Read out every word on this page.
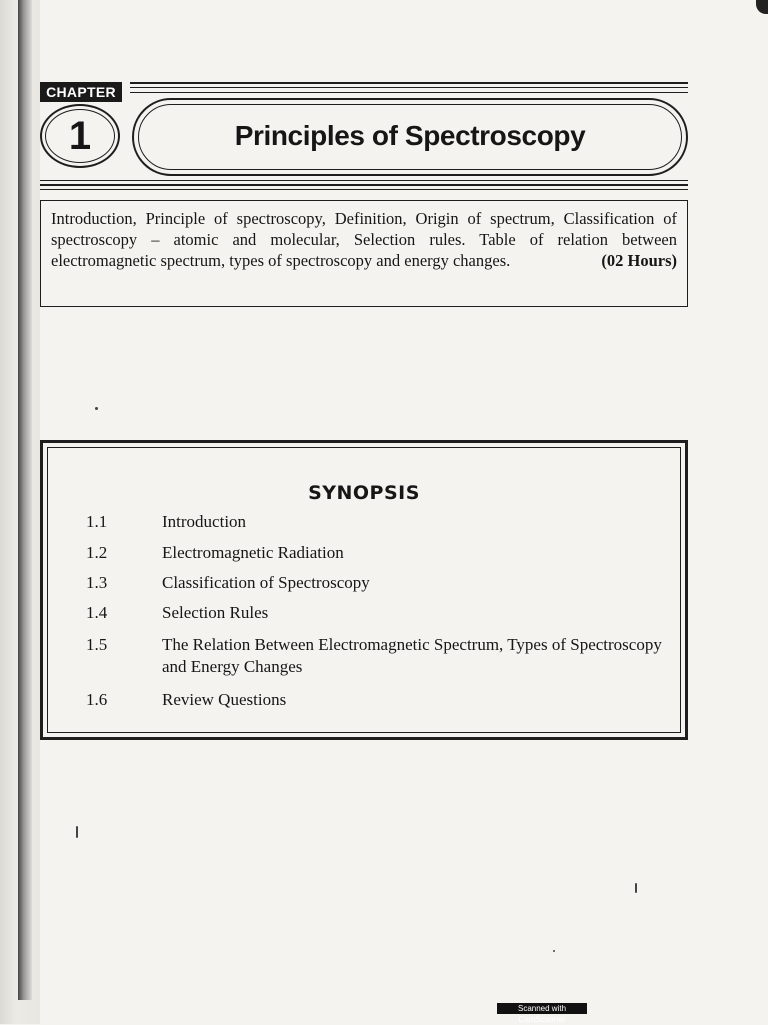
CHAPTER
1	Principles of Spectroscopy
Introduction, Principle of spectroscopy, Definition, Origin of spectrum, Classification of spectroscopy – atomic and molecular, Selection rules. Table of relation between electromagnetic spectrum, types of spectroscopy and energy changes.	(02 Hours)
SYNOPSIS
1.1	Introduction
1.2	Electromagnetic Radiation
1.3	Classification of Spectroscopy
1.4	Selection Rules
1.5	The Relation Between Electromagnetic Spectrum, Types of Spectroscopy and Energy Changes
1.6	Review Questions
Scanned with CamScanner
